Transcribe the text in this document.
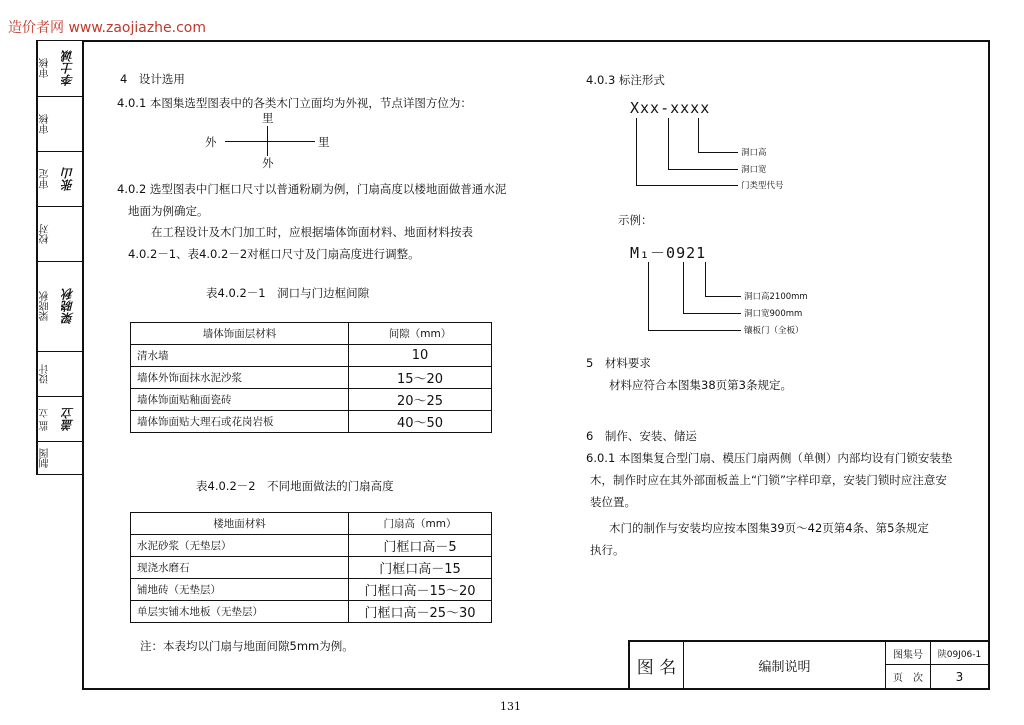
造价者网 www.zaojiazhe.com
审核 李士诚
审核
审定 张山
校对
梁晓秋 梁晓秋
设计
监 立 盖立
制图
4　设计选用
4.0.1 本图集选型图表中的各类木门立面均为外视，节点详图方位为：
里
外	里
外
4.0.2 选型图表中门框口尺寸以普通粉刷为例，门扇高度以楼地面做普通水泥
地面为例确定。
在工程设计及木门加工时，应根据墙体饰面材料、地面材料按表
4.0.2－1、表4.0.2－2对框口尺寸及门扇高度进行调整。
表4.0.2－1　洞口与门边框间隙
墙体饰面层材料	间隙（mm）
清水墙	10
墙体外饰面抹水泥沙浆	15～20
墙体饰面贴釉面瓷砖	20～25
墙体饰面贴大理石或花岗岩板	40～50
表4.0.2－2　不同地面做法的门扇高度
楼地面材料	门扇高（mm）
水泥砂浆（无垫层）	门框口高－5
现浇水磨石	门框口高－15
铺地砖（无垫层）	门框口高－15～20
单层实铺木地板（无垫层）	门框口高－25～30
注：本表均以门扇与地面间隙5mm为例。
4.0.3 标注形式
Xxx-xxxx
洞口高
洞口宽
门类型代号
示例：
M₁－0921
洞口高2100mm
洞口宽900mm
镶板门（全板）
5　材料要求
材料应符合本图集38页第3条规定。
6　制作、安装、储运
6.0.1 本图集复合型门扇、模压门扇两侧（单侧）内部均设有门锁安装垫
木，制作时应在其外部面板盖上“门锁”字样印章，安装门锁时应注意安
装位置。
木门的制作与安装均应按本图集39页～42页第4条、第5条规定
执行。
图 名	编制说明
图集号	陕09J06-1
页　次	3
131
